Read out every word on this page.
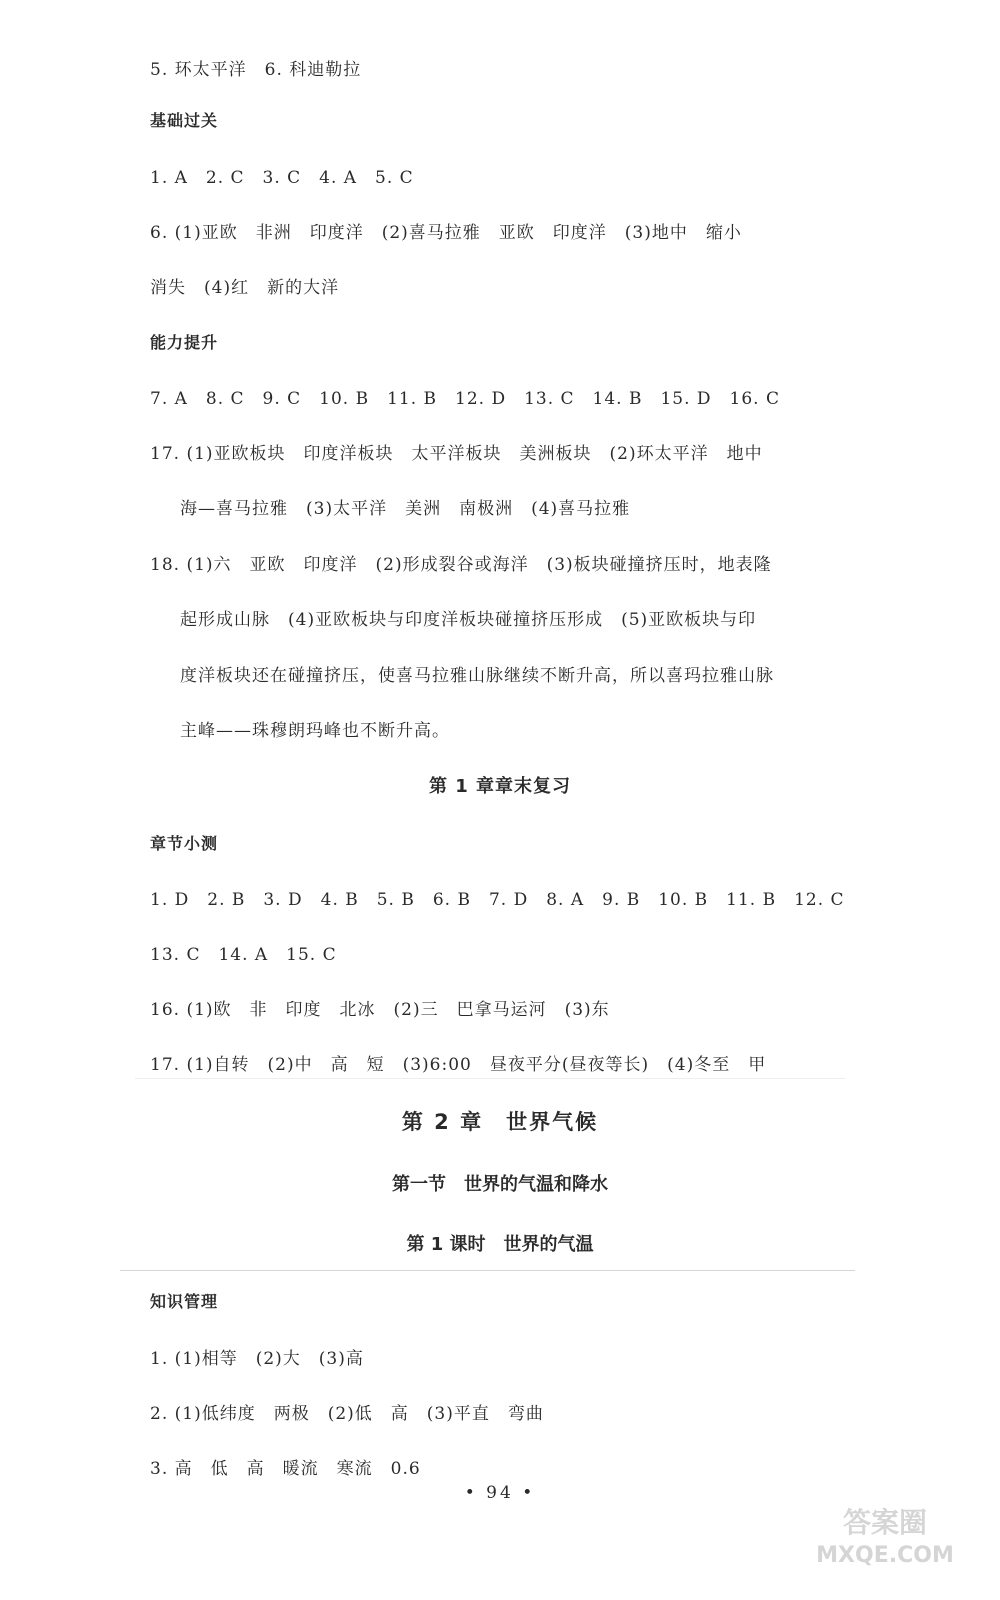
5. 环太平洋　6. 科迪勒拉
基础过关
1. A　2. C　3. C　4. A　5. C
6. (1)亚欧　非洲　印度洋　(2)喜马拉雅　亚欧　印度洋　(3)地中　缩小
消失　(4)红　新的大洋
能力提升
7. A　8. C　9. C　10. B　11. B　12. D　13. C　14. B　15. D　16. C
17. (1)亚欧板块　印度洋板块　太平洋板块　美洲板块　(2)环太平洋　地中
海—喜马拉雅　(3)太平洋　美洲　南极洲　(4)喜马拉雅
18. (1)六　亚欧　印度洋　(2)形成裂谷或海洋　(3)板块碰撞挤压时，地表隆
起形成山脉　(4)亚欧板块与印度洋板块碰撞挤压形成　(5)亚欧板块与印
度洋板块还在碰撞挤压，使喜马拉雅山脉继续不断升高，所以喜玛拉雅山脉
主峰——珠穆朗玛峰也不断升高。
第 1 章章末复习
章节小测
1. D　2. B　3. D　4. B　5. B　6. B　7. D　8. A　9. B　10. B　11. B　12. C
13. C　14. A　15. C
16. (1)欧　非　印度　北冰　(2)三　巴拿马运河　(3)东
17. (1)自转　(2)中　高　短　(3)6:00　昼夜平分(昼夜等长)　(4)冬至　甲
第 2 章　世界气候
第一节　世界的气温和降水
第 1 课时　世界的气温
知识管理
1. (1)相等　(2)大　(3)高
2. (1)低纬度　两极　(2)低　高　(3)平直　弯曲
3. 高　低　高　暖流　寒流　0.6
• 94 •
答案圈
MXQE.COM
